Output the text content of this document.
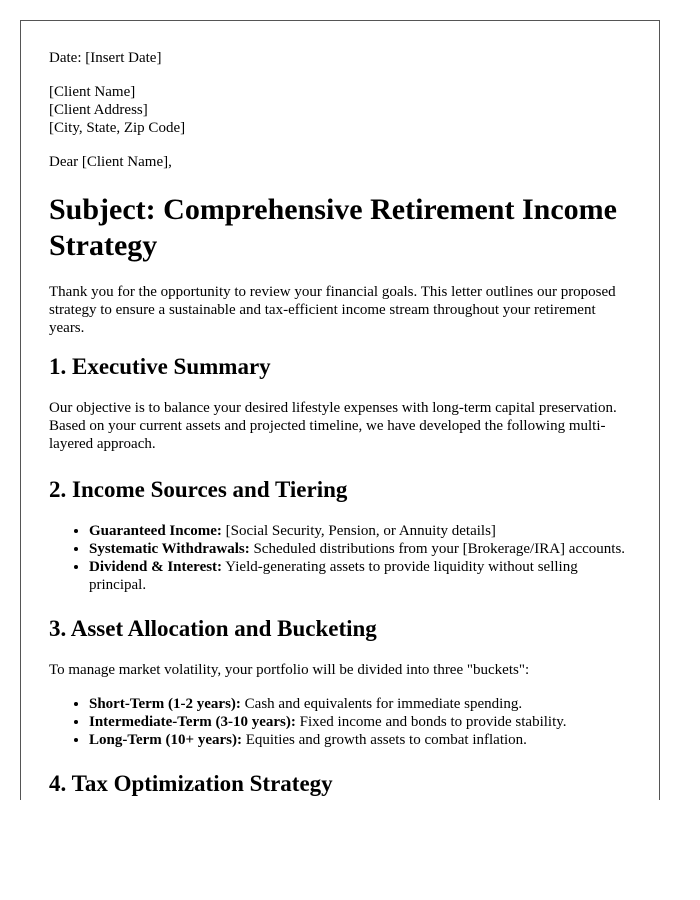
Date: [Insert Date]
[Client Name]
[Client Address]
[City, State, Zip Code]
Dear [Client Name],
Subject: Comprehensive Retirement Income Strategy

Thank you for the opportunity to review your financial goals. This letter outlines our proposed strategy to ensure a sustainable and tax-efficient income stream throughout your retirement years.

1. Executive Summary

Our objective is to balance your desired lifestyle expenses with long-term capital preservation. Based on your current assets and projected timeline, we have developed the following multi-layered approach.

2. Income Sources and Tiering
• Guaranteed Income: [Social Security, Pension, or Annuity details]
• Systematic Withdrawals: Scheduled distributions from your [Brokerage/IRA] accounts.
• Dividend & Interest: Yield-generating assets to provide liquidity without selling principal.
3. Asset Allocation and Bucketing

To manage market volatility, your portfolio will be divided into three "buckets":

• Short-Term (1-2 years): Cash and equivalents for immediate spending.
• Intermediate-Term (3-10 years): Fixed income and bonds to provide stability.
• Long-Term (10+ years): Equities and growth assets to combat inflation.
4. Tax Optimization Strategy
